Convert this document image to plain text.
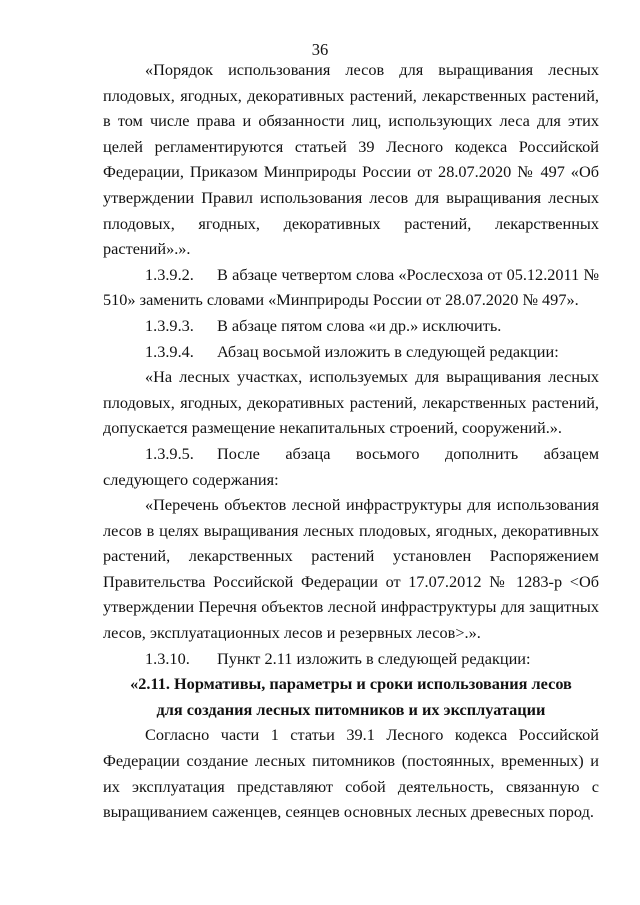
36

«Порядок использования лесов для выращивания лесных плодовых, ягодных, декоративных растений, лекарственных растений, в том числе права и обязанности лиц, использующих леса для этих целей регламентируются статьей 39 Лесного кодекса Российской Федерации, Приказом Минприроды России от 28.07.2020 № 497 «Об утверждении Правил использования лесов для выращивания лесных плодовых, ягодных, декоративных растений, лекарственных растений».».

1.3.9.2. В абзаце четвертом слова «Рослесхоза от 05.12.2011 № 510» заменить словами «Минприроды России от 28.07.2020 № 497».

1.3.9.3. В абзаце пятом слова «и др.» исключить.

1.3.9.4. Абзац восьмой изложить в следующей редакции:

«На лесных участках, используемых для выращивания лесных плодовых, ягодных, декоративных растений, лекарственных растений, допускается размещение некапитальных строений, сооружений.».

1.3.9.5. После абзаца восьмого дополнить абзацем следующего содержания:

«Перечень объектов лесной инфраструктуры для использования лесов в целях выращивания лесных плодовых, ягодных, декоративных растений, лекарственных растений установлен Распоряжением Правительства Российской Федерации от 17.07.2012 № 1283-р <Об утверждении Перечня объектов лесной инфраструктуры для защитных лесов, эксплуатационных лесов и резервных лесов>.».

1.3.10. Пункт 2.11 изложить в следующей редакции:

«2.11. Нормативы, параметры и сроки использования лесов

для создания лесных питомников и их эксплуатации

Согласно части 1 статьи 39.1 Лесного кодекса Российской Федерации создание лесных питомников (постоянных, временных) и их эксплуатация представляют собой деятельность, связанную с выращиванием саженцев, сеянцев основных лесных древесных пород.
